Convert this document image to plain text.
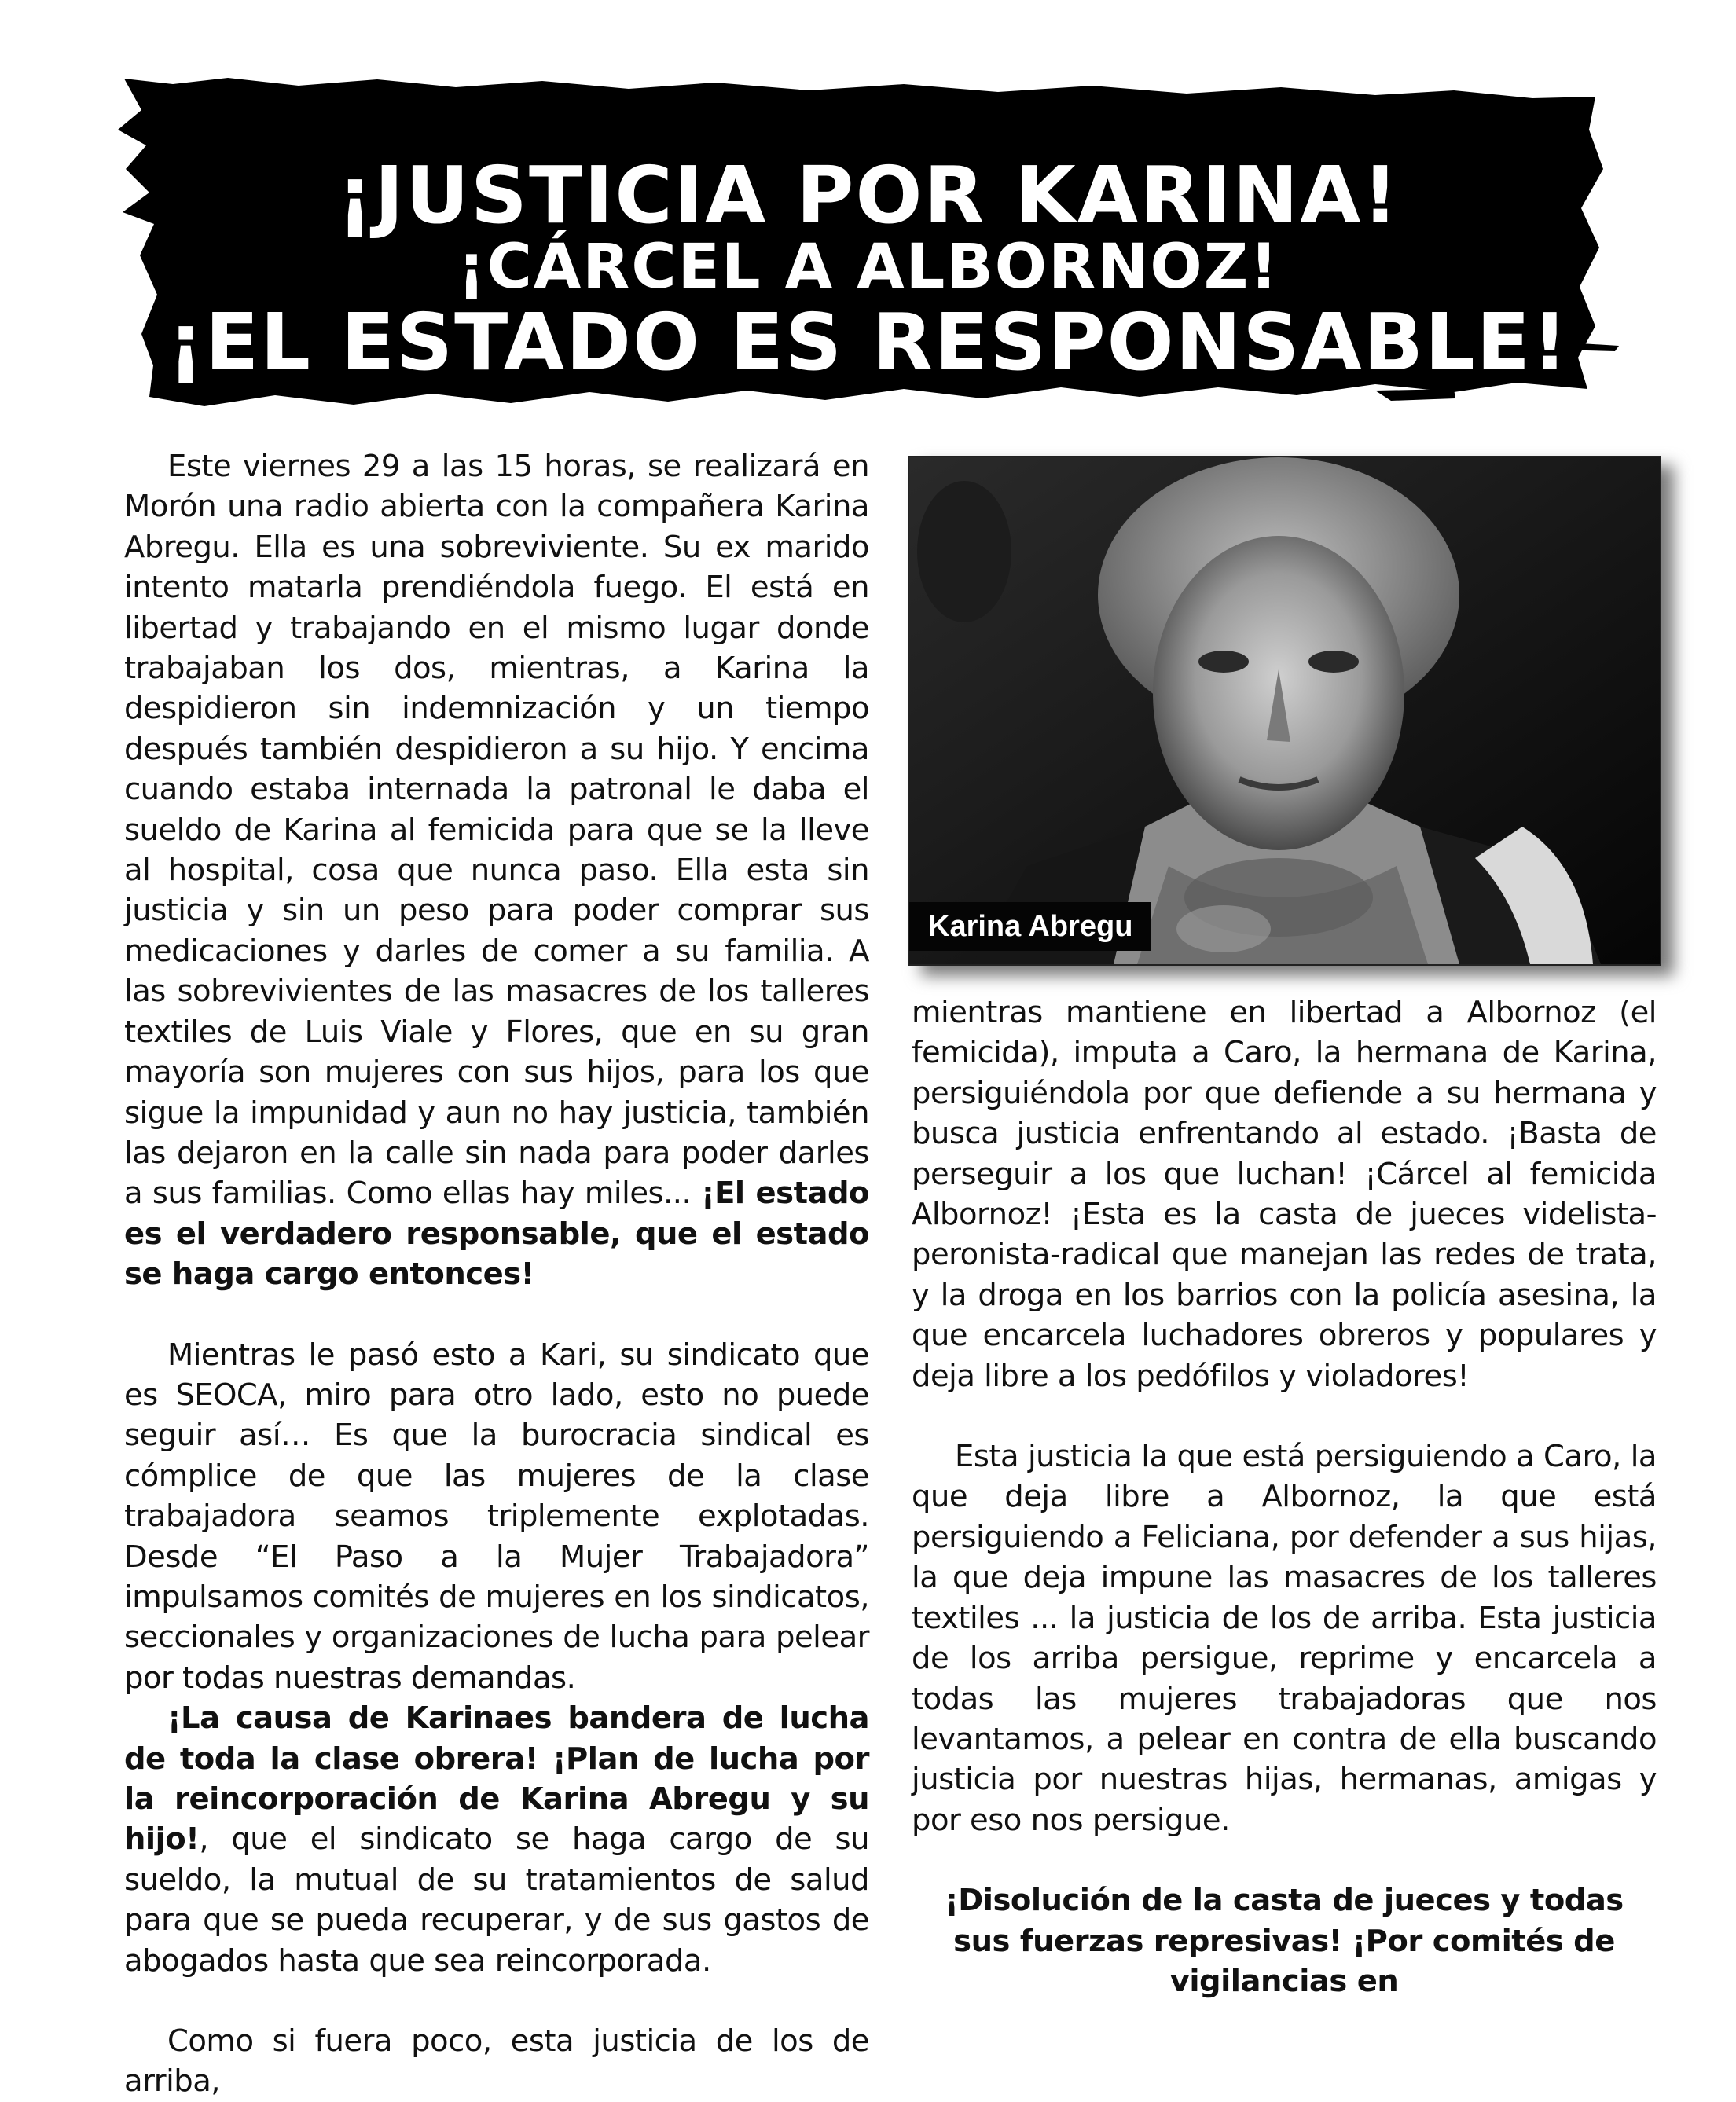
¡JUSTICIA POR KARINA!
¡CÁRCEL A ALBORNOZ!
¡EL ESTADO ES RESPONSABLE!

Este viernes 29 a las 15 horas, se realizará en Morón una radio abierta con la compañera Karina Abregu. Ella es una sobreviviente. Su ex marido intento matarla prendiéndola fuego. El está en libertad y trabajando en el mismo lugar donde trabajaban los dos, mientras, a Karina la despidieron sin indemnización y un tiempo después también despidieron a su hijo. Y encima cuando estaba internada la patronal le daba el sueldo de Karina al femicida para que se la lleve al hospital, cosa que nunca paso. Ella esta sin justicia y sin un peso para poder comprar sus medicaciones y darles de comer a su familia. A las sobrevivientes de las masacres de los talleres textiles de Luis Viale y Flores, que en su gran mayoría son mujeres con sus hijos, para los que sigue la impunidad y aun no hay justicia, también las dejaron en la calle sin nada para poder darles a sus familias. Como ellas hay miles... ¡El estado es el verdadero responsable, que el estado se haga cargo entonces!

Mientras le pasó esto a Kari, su sindicato que es SEOCA, miro para otro lado, esto no puede seguir así… Es que la burocracia sindical es cómplice de que las mujeres de la clase trabajadora seamos triplemente explotadas. Desde “El Paso a la Mujer Trabajadora” impulsamos comités de mujeres en los sindicatos, seccionales y organizaciones de lucha para pelear por todas nuestras demandas.

¡La causa de Karinaes bandera de lucha de toda la clase obrera! ¡Plan de lucha por la reincorporación de Karina Abregu y su hijo!, que el sindicato se haga cargo de su sueldo, la mutual de su tratamientos de salud para que se pueda recuperar, y de sus gastos de abogados hasta que sea reincorporada.

Como si fuera poco, esta justicia de los de arriba,

Karina Abregu

mientras mantiene en libertad a Albornoz (el femicida), imputa a Caro, la hermana de Karina, persiguiéndola por que defiende a su hermana y busca justicia enfrentando al estado. ¡Basta de perseguir a los que luchan! ¡Cárcel al femicida Albornoz! ¡Esta es la casta de jueces videlista-peronista-radical que manejan las redes de trata, y la droga en los barrios con la policía asesina, la que encarcela luchadores obreros y populares y deja libre a los pedófilos y violadores!

Esta justicia la que está persiguiendo a Caro, la que deja libre a Albornoz, la que está persiguiendo a Feliciana, por defender a sus hijas, la que deja impune las masacres de los talleres textiles ... la justicia de los de arriba. Esta justicia de los arriba persigue, reprime y encarcela a todas las mujeres trabajadoras que nos levantamos, a pelear en contra de ella buscando justicia por nuestras hijas, hermanas, amigas y por eso nos persigue.

¡Disolución de la casta de jueces y todas sus fuerzas represivas! ¡Por comités de vigilancias en
